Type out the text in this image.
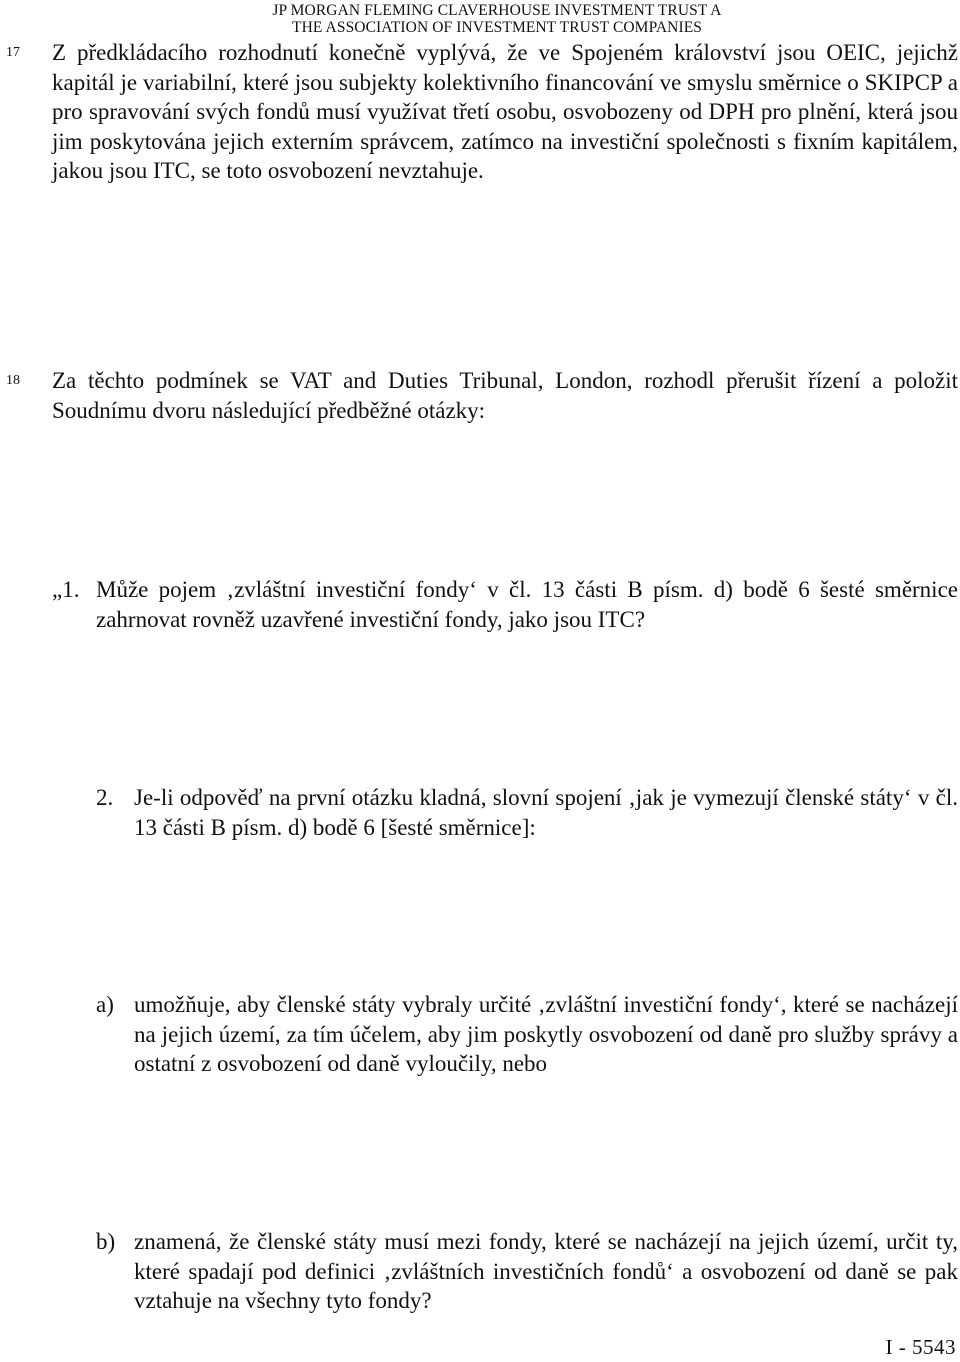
JP MORGAN FLEMING CLAVERHOUSE INVESTMENT TRUST A
THE ASSOCIATION OF INVESTMENT TRUST COMPANIES
17 Z předkládacího rozhodnutí konečně vyplývá, že ve Spojeném království jsou OEIC, jejichž kapitál je variabilní, které jsou subjekty kolektivního financování ve smyslu směrnice o SKIPCP a pro spravování svých fondů musí využívat třetí osobu, osvobozeny od DPH pro plnění, která jsou jim poskytována jejich externím správcem, zatímco na investiční společnosti s fixním kapitálem, jakou jsou ITC, se toto osvobození nevztahuje.

18 Za těchto podmínek se VAT and Duties Tribunal, London, rozhodl přerušit řízení a položit Soudnímu dvoru následující předběžné otázky:

„1. Může pojem ‚zvláštní investiční fondy‘ v čl. 13 části B písm. d) bodě 6 šesté směrnice zahrnovat rovněž uzavřené investiční fondy, jako jsou ITC?
2. Je-li odpověď na první otázku kladná, slovní spojení ‚jak je vymezují členské státy‘ v čl. 13 části B písm. d) bodě 6 [šesté směrnice]:
a) umožňuje, aby členské státy vybraly určité ‚zvláštní investiční fondy‘, které se nacházejí na jejich území, za tím účelem, aby jim poskytly osvobození od daně pro služby správy a ostatní z osvobození od daně vyloučily, nebo
b) znamená, že členské státy musí mezi fondy, které se nacházejí na jejich území, určit ty, které spadají pod definici ‚zvláštních investičních fondů‘ a osvobození od daně se pak vztahuje na všechny tyto fondy?
I - 5543
